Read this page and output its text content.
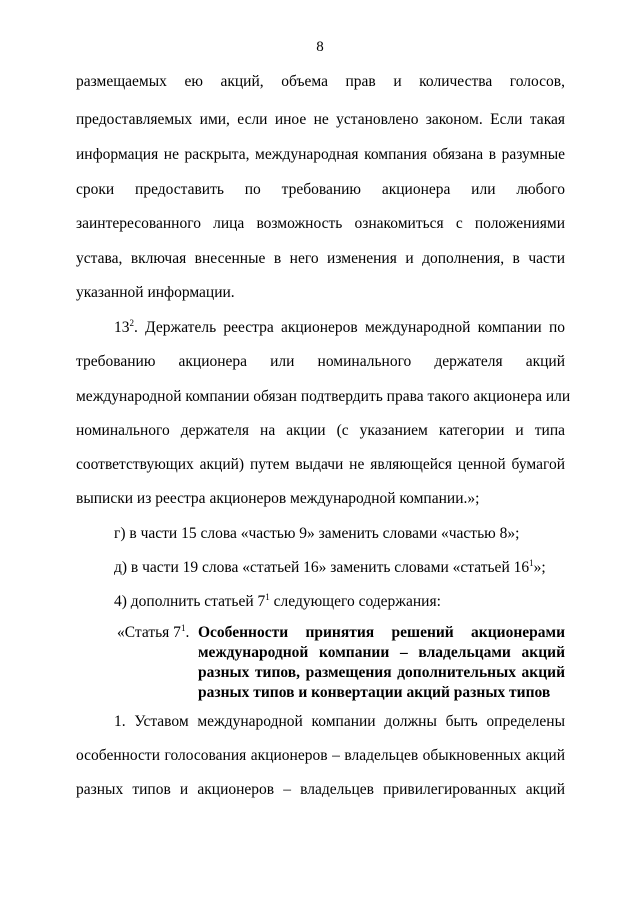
8
размещаемых ею акций, объема прав и количества голосов,
предоставляемых ими, если иное не установлено законом. Если такая
информация не раскрыта, международная компания обязана в разумные
сроки предоставить по требованию акционера или любого
заинтересованного лица возможность ознакомиться с положениями
устава, включая внесенные в него изменения и дополнения, в части
указанной информации.
$13^2$. Держатель реестра акционеров международной компании по
требованию акционера или номинального держателя акций
международной компании обязан подтвердить права такого акционера или
номинального держателя на акции (с указанием категории и типа
соответствующих акций) путем выдачи не являющейся ценной бумагой
выписки из реестра акционеров международной компании.»;
г) в части 15 слова «частью 9» заменить словами «частью 8»;
д) в части 19 слова «статьей 16» заменить словами «статьей $16^1$»;
4) дополнить статьей $7^1$ следующего содержания:
«Статья $7^1$. Особенности принятия решений акционерами
международной компании – владельцами акций
разных типов, размещения дополнительных акций
разных типов и конвертации акций разных типов
1. Уставом международной компании должны быть определены
особенности голосования акционеров – владельцев обыкновенных акций
разных типов и акционеров – владельцев привилегированных акций
